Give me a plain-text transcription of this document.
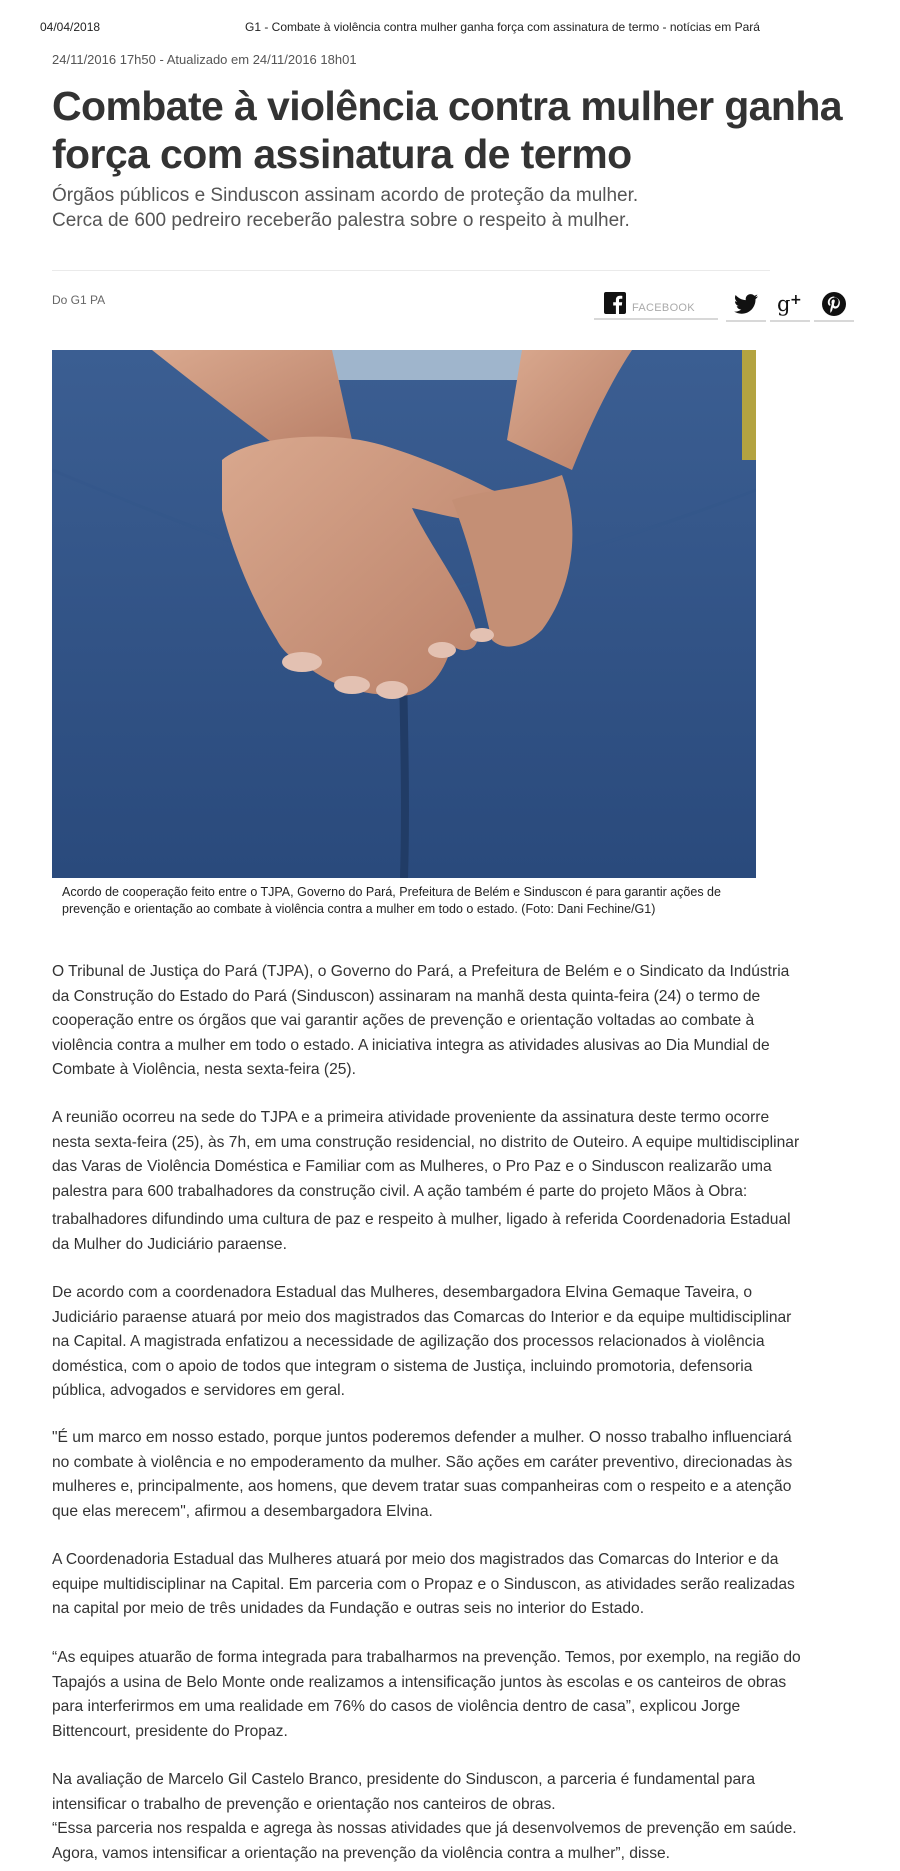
04/04/2018	G1 - Combate à violência contra mulher ganha força com assinatura de termo - notícias em Pará
24/11/2016 17h50 - Atualizado em 24/11/2016 18h01
Combate à violência contra mulher ganha
força com assinatura de termo
Órgãos públicos e Sinduscon assinam acordo de proteção da mulher.
Cerca de 600 pedreiro receberão palestra sobre o respeito à mulher.
Do G1 PA
FACEBOOK	g +
Acordo de cooperação feito entre o TJPA, Governo do Pará, Prefeitura de Belém e Sinduscon é para garantir ações de
prevenção e orientação ao combate à violência contra a mulher em todo o estado. (Foto: Dani Fechine/G1)
O Tribunal de Justiça do Pará (TJPA), o Governo do Pará, a Prefeitura de Belém e o Sindicato da Indústria
da Construção do Estado do Pará (Sinduscon) assinaram na manhã desta quinta-feira (24) o termo de
cooperação entre os órgãos que vai garantir ações de prevenção e orientação voltadas ao combate à
violência contra a mulher em todo o estado. A iniciativa integra as atividades alusivas ao Dia Mundial de
Combate à Violência, nesta sexta-feira (25).
A reunião ocorreu na sede do TJPA e a primeira atividade proveniente da assinatura deste termo ocorre
nesta sexta-feira (25), às 7h, em uma construção residencial, no distrito de Outeiro. A equipe multidisciplinar
das Varas de Violência Doméstica e Familiar com as Mulheres, o Pro Paz e o Sinduscon realizarão uma
palestra para 600 trabalhadores da construção civil. A ação também é parte do projeto Mãos à Obra:
trabalhadores difundindo uma cultura de paz e respeito à mulher, ligado à referida Coordenadoria Estadual
da Mulher do Judiciário paraense.
De acordo com a coordenadora Estadual das Mulheres, desembargadora Elvina Gemaque Taveira, o
Judiciário paraense atuará por meio dos magistrados das Comarcas do Interior e da equipe multidisciplinar
na Capital. A magistrada enfatizou a necessidade de agilização dos processos relacionados à violência
doméstica, com o apoio de todos que integram o sistema de Justiça, incluindo promotoria, defensoria
pública, advogados e servidores em geral.
"É um marco em nosso estado, porque juntos poderemos defender a mulher. O nosso trabalho influenciará
no combate à violência e no empoderamento da mulher. São ações em caráter preventivo, direcionadas às
mulheres e, principalmente, aos homens, que devem tratar suas companheiras com o respeito e a atenção
que elas merecem", afirmou a desembargadora Elvina.
A Coordenadoria Estadual das Mulheres atuará por meio dos magistrados das Comarcas do Interior e da
equipe multidisciplinar na Capital. Em parceria com o Propaz e o Sinduscon, as atividades serão realizadas
na capital por meio de três unidades da Fundação e outras seis no interior do Estado.
“As equipes atuarão de forma integrada para trabalharmos na prevenção. Temos, por exemplo, na região do
Tapajós a usina de Belo Monte onde realizamos a intensificação juntos às escolas e os canteiros de obras
para interferirmos em uma realidade em 76% do casos de violência dentro de casa”, explicou Jorge
Bittencourt, presidente do Propaz.
Na avaliação de Marcelo Gil Castelo Branco, presidente do Sinduscon, a parceria é fundamental para
intensificar o trabalho de prevenção e orientação nos canteiros de obras.
“Essa parceria nos respalda e agrega às nossas atividades que já desenvolvemos de prevenção em saúde.
Agora, vamos intensificar a orientação na prevenção da violência contra a mulher”, disse.
